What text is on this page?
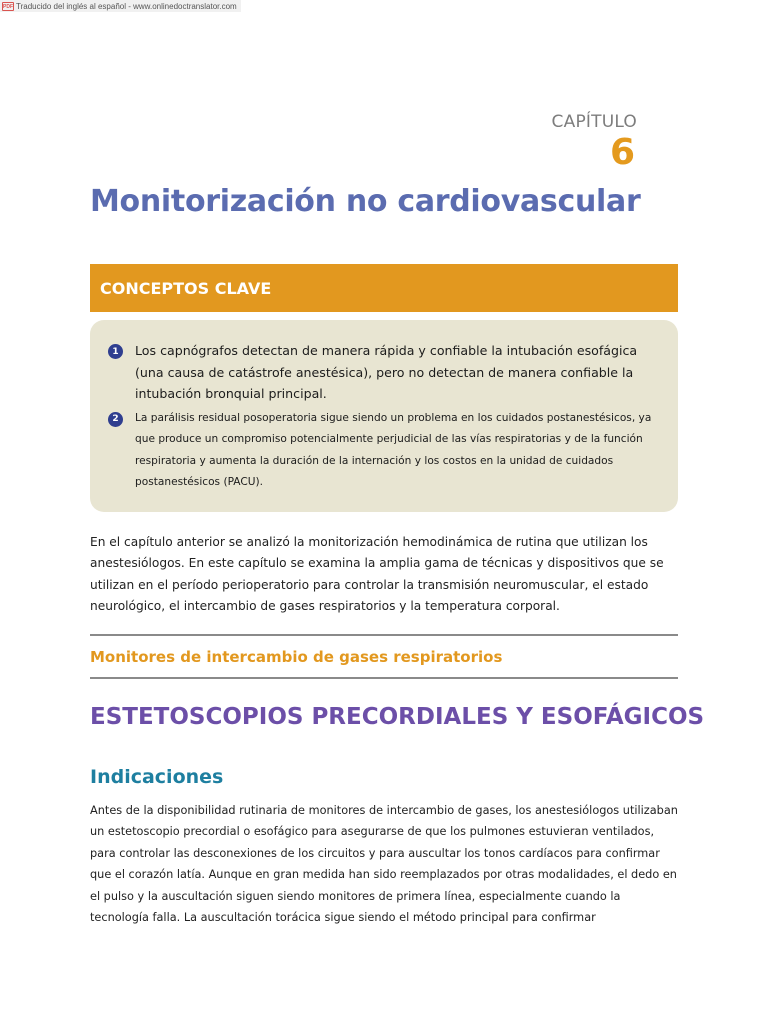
PDF Traducido del inglés al español - www.onlinedoctranslator.com
CAPÍTULO
6
Monitorización no cardiovascular
CONCEPTOS CLAVE
1	Los capnógrafos detectan de manera rápida y confiable la intubación esofágica (una causa de catástrofe anestésica), pero no detectan de manera confiable la intubación bronquial principal.
2	La parálisis residual posoperatoria sigue siendo un problema en los cuidados postanestésicos, ya que produce un compromiso potencialmente perjudicial de las vías respiratorias y de la función respiratoria y aumenta la duración de la internación y los costos en la unidad de cuidados postanestésicos (PACU).

En el capítulo anterior se analizó la monitorización hemodinámica de rutina que utilizan los anestesiólogos. En este capítulo se examina la amplia gama de técnicas y dispositivos que se utilizan en el período perioperatorio para controlar la transmisión neuromuscular, el estado neurológico, el intercambio de gases respiratorios y la temperatura corporal.

Monitores de intercambio de gases respiratorios
ESTETOSCOPIOS PRECORDIALES Y ESOFÁGICOS
Indicaciones

Antes de la disponibilidad rutinaria de monitores de intercambio de gases, los anestesiólogos utilizaban un estetoscopio precordial o esofágico para asegurarse de que los pulmones estuvieran ventilados, para controlar las desconexiones de los circuitos y para auscultar los tonos cardíacos para confirmar que el corazón latía. Aunque en gran medida han sido reemplazados por otras modalidades, el dedo en el pulso y la auscultación siguen siendo monitores de primera línea, especialmente cuando la tecnología falla. La auscultación torácica sigue siendo el método principal para confirmar
